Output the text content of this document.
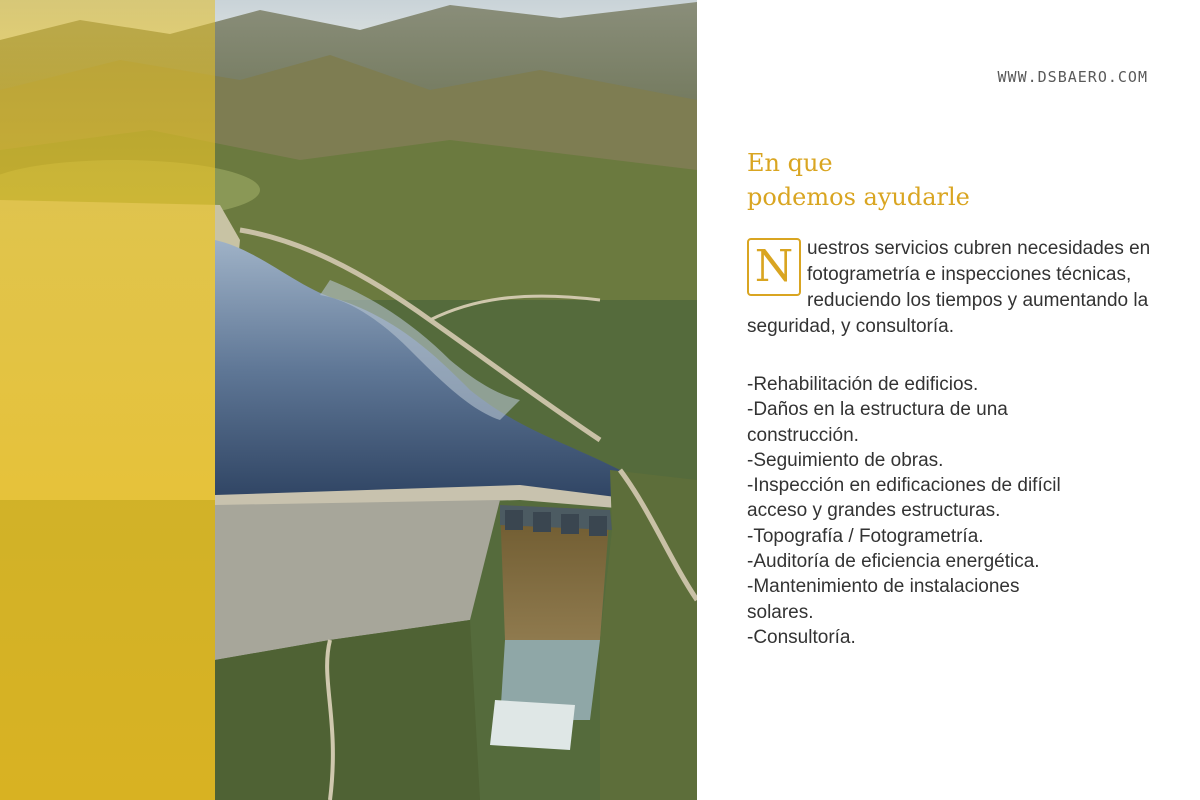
WWW.DSBAERO.COM
En que
podemos ayudarle
N uestros servicios cubren necesidades en fotogrametría e inspecciones técnicas, reduciendo los tiempos y aumentando la seguridad, y consultoría.
-Rehabilitación de edificios.
-Daños en la estructura de una construcción.
-Seguimiento de obras.
-Inspección en edificaciones de difícil acceso y grandes estructuras.
-Topografía / Fotogrametría.
-Auditoría de eficiencia energética.
-Mantenimiento de instalaciones solares.
-Consultoría.
